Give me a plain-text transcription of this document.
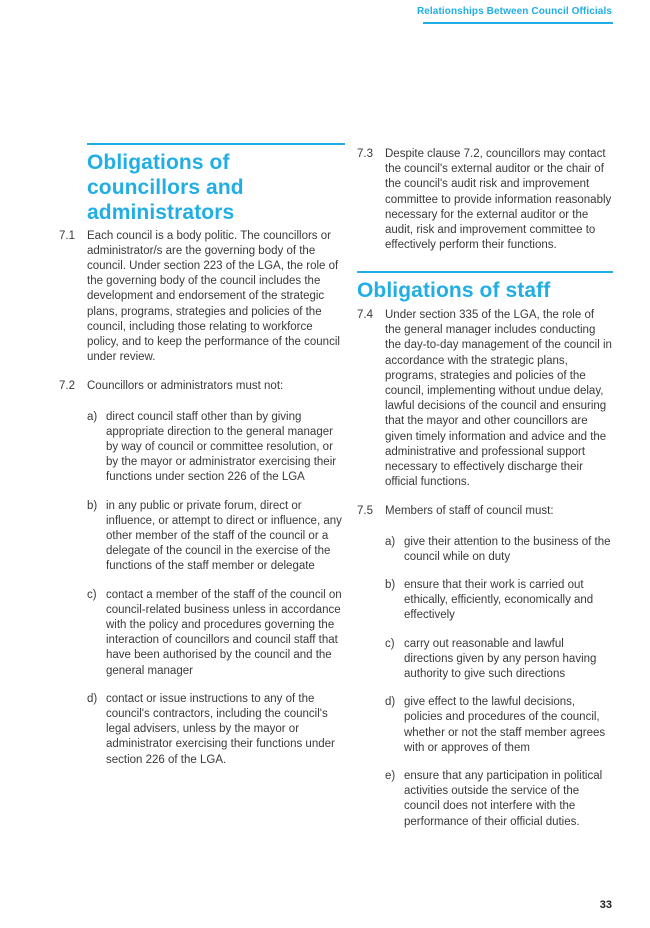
Relationships Between Council Officials
Obligations of councillors and administrators
7.1 Each council is a body politic. The councillors or administrator/s are the governing body of the council. Under section 223 of the LGA, the role of the governing body of the council includes the development and endorsement of the strategic plans, programs, strategies and policies of the council, including those relating to workforce policy, and to keep the performance of the council under review.

7.2 Councillors or administrators must not:

a) direct council staff other than by giving appropriate direction to the general manager by way of council or committee resolution, or by the mayor or administrator exercising their functions under section 226 of the LGA
b) in any public or private forum, direct or influence, or attempt to direct or influence, any other member of the staff of the council or a delegate of the council in the exercise of the functions of the staff member or delegate
c) contact a member of the staff of the council on council-related business unless in accordance with the policy and procedures governing the interaction of councillors and council staff that have been authorised by the council and the general manager
d) contact or issue instructions to any of the council's contractors, including the council's legal advisers, unless by the mayor or administrator exercising their functions under section 226 of the LGA.
7.3 Despite clause 7.2, councillors may contact the council's external auditor or the chair of the council's audit risk and improvement committee to provide information reasonably necessary for the external auditor or the audit, risk and improvement committee to effectively perform their functions.

Obligations of staff
7.4 Under section 335 of the LGA, the role of the general manager includes conducting the day-to-day management of the council in accordance with the strategic plans, programs, strategies and policies of the council, implementing without undue delay, lawful decisions of the council and ensuring that the mayor and other councillors are given timely information and advice and the administrative and professional support necessary to effectively discharge their official functions.

7.5 Members of staff of council must:

a) give their attention to the business of the council while on duty
b) ensure that their work is carried out ethically, efficiently, economically and effectively
c) carry out reasonable and lawful directions given by any person having authority to give such directions
d) give effect to the lawful decisions, policies and procedures of the council, whether or not the staff member agrees with or approves of them
e) ensure that any participation in political activities outside the service of the council does not interfere with the performance of their official duties.
33
